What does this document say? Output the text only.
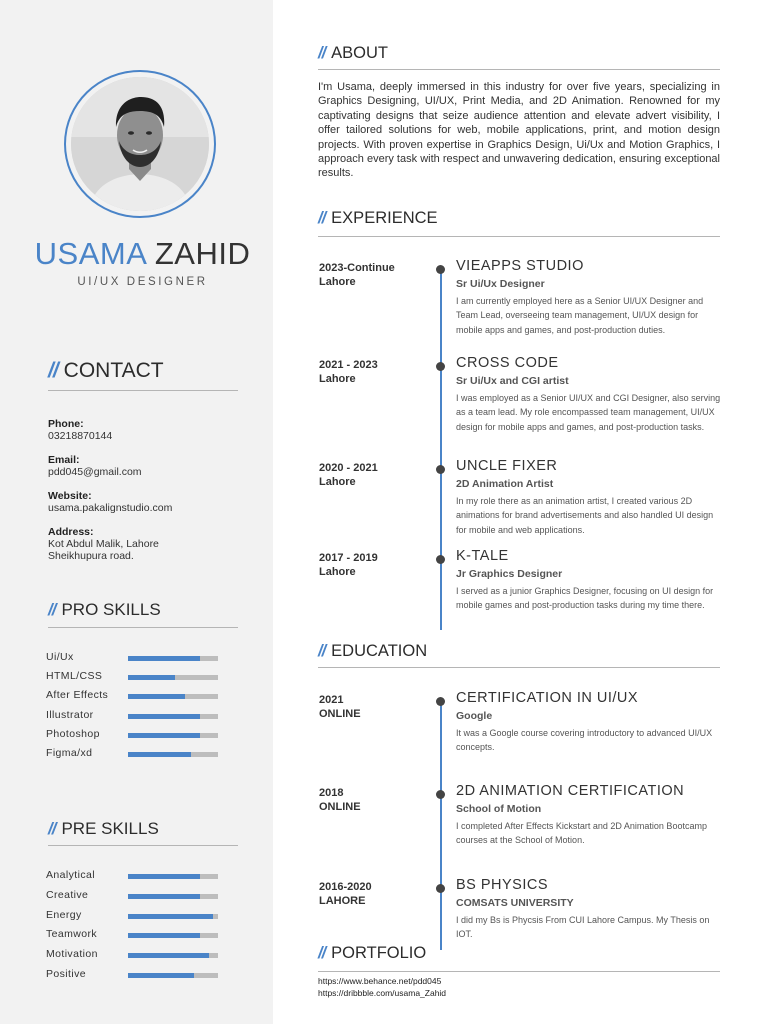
USAMA ZAHID
UI/UX DESIGNER
// CONTACT
Phone:
03218870144
Email:
pdd045@gmail.com
Website:
usama.pakalignstudio.com
Address:
Kot Abdul Malik, Lahore
Sheikhupura road.
// PRO SKILLS
Ui/Ux
HTML/CSS
After Effects
Illustrator
Photoshop
Figma/xd
// PRE SKILLS
Analytical
Creative
Energy
Teamwork
Motivation
Positive
// ABOUT
I'm Usama, deeply immersed in this industry for over five years, specializing in Graphics Designing, UI/UX, Print Media, and 2D Animation. Renowned for my captivating designs that seize audience attention and elevate advert visibility, I offer tailored solutions for web, mobile applications, print, and motion design projects. With proven expertise in Graphics Design, Ui/Ux and Motion Graphics, I approach every task with respect and unwavering dedication, ensuring exceptional results.
// EXPERIENCE
2023-Continue
Lahore
VIEAPPS STUDIO
Sr Ui/Ux Designer
I am currently employed here as a Senior UI/UX Designer and Team Lead, overseeing team management, UI/UX design for mobile apps and games, and post-production duties.
2021 - 2023
Lahore
CROSS CODE
Sr Ui/Ux and CGI artist
I was employed as a Senior UI/UX and CGI Designer, also serving as a team lead. My role encompassed team management, UI/UX design for mobile apps and games, and post-production tasks.
2020 - 2021
Lahore
UNCLE FIXER
2D Animation Artist
In my role there as an animation artist, I created various 2D animations for brand advertisements and also handled UI design for mobile and web applications.
2017 - 2019
Lahore
K-TALE
Jr Graphics Designer
I served as a junior Graphics Designer, focusing on UI design for mobile games and post-production tasks during my time there.
// EDUCATION
2021
ONLINE
CERTIFICATION IN UI/UX
Google
It was a Google course covering introductory to advanced UI/UX concepts.
2018
ONLINE
2D ANIMATION CERTIFICATION
School of Motion
I completed After Effects Kickstart and 2D Animation Bootcamp courses at the School of Motion.
2016-2020
LAHORE
BS PHYSICS
COMSATS UNIVERSITY
I did my Bs is Phycsis From CUI Lahore Campus. My Thesis on IOT.
// PORTFOLIO
https://www.behance.net/pdd045
https://dribbble.com/usama_Zahid
